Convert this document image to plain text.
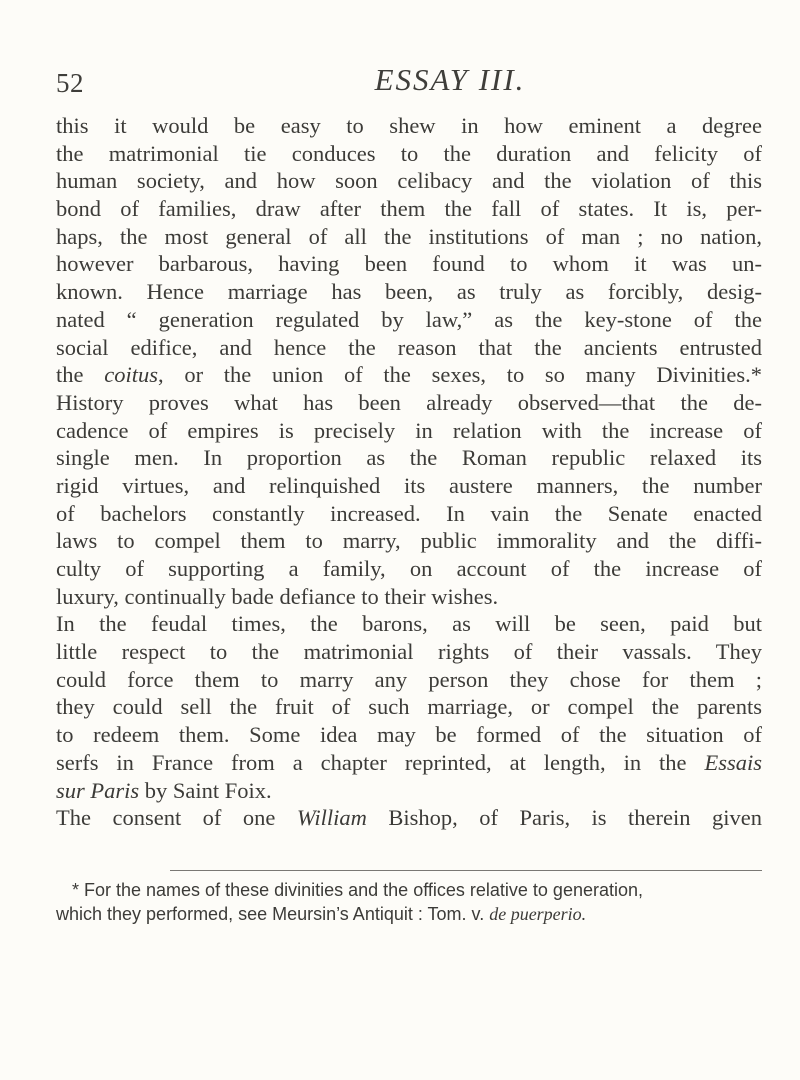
52	ESSAY III.
this it would be easy to shew in how eminent a degree
the matrimonial tie conduces to the duration and felicity of
human society, and how soon celibacy and the violation of this
bond of families, draw after them the fall of states. It is, per-
haps, the most general of all the institutions of man ; no nation,
however barbarous, having been found to whom it was un-
known. Hence marriage has been, as truly as forcibly, desig-
nated “ generation regulated by law,” as the key-stone of the
social edifice, and hence the reason that the ancients entrusted
the coitus, or the union of the sexes, to so many Divinities.*
History proves what has been already observed—that the de-
cadence of empires is precisely in relation with the increase of
single men. In proportion as the Roman republic relaxed its
rigid virtues, and relinquished its austere manners, the number
of bachelors constantly increased. In vain the Senate enacted
laws to compel them to marry, public immorality and the diffi-
culty of supporting a family, on account of the increase of
luxury, continually bade defiance to their wishes.
In the feudal times, the barons, as will be seen, paid but
little respect to the matrimonial rights of their vassals. They
could force them to marry any person they chose for them ;
they could sell the fruit of such marriage, or compel the parents
to redeem them. Some idea may be formed of the situation of
serfs in France from a chapter reprinted, at length, in the Essais
sur Paris by Saint Foix.
The consent of one William Bishop, of Paris, is therein given
* For the names of these divinities and the offices relative to generation,
which they performed, see Meursin’s Antiquit : Tom. v. de puerperio.
